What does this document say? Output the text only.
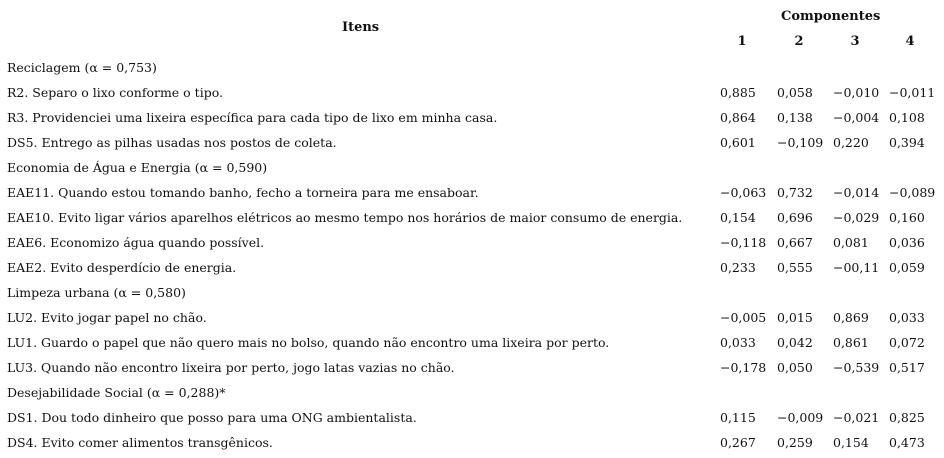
Itens
Componentes
1	2	3	4
Reciclagem (α = 0,753)
R2. Separo o lixo conforme o tipo.	0,885 0,058 −0,010 −0,011
R3. Providenciei uma lixeira específica para cada tipo de lixo em minha casa.	0,864 0,138 −0,004 0,108
DS5. Entrego as pilhas usadas nos postos de coleta.	0,601 −0,109 0,220 0,394
Economia de Água e Energia (α = 0,590)
EAE11. Quando estou tomando banho, fecho a torneira para me ensaboar.	−0,063 0,732 −0,014 −0,089
EAE10. Evito ligar vários aparelhos elétricos ao mesmo tempo nos horários de maior consumo de energia.	0,154 0,696 −0,029 0,160
EAE6. Economizo água quando possível.	−0,118 0,667 0,081 0,036
EAE2. Evito desperdício de energia.	0,233 0,555 −00,11 0,059
Limpeza urbana (α = 0,580)
LU2. Evito jogar papel no chão.	−0,005 0,015 0,869 0,033
LU1. Guardo o papel que não quero mais no bolso, quando não encontro uma lixeira por perto.	0,033 0,042 0,861 0,072
LU3. Quando não encontro lixeira por perto, jogo latas vazias no chão.	−0,178 0,050 −0,539 0,517
Desejabilidade Social (α = 0,288)*
DS1. Dou todo dinheiro que posso para uma ONG ambientalista.	0,115 −0,009 −0,021 0,825
DS4. Evito comer alimentos transgênicos.	0,267 0,259 0,154 0,473
